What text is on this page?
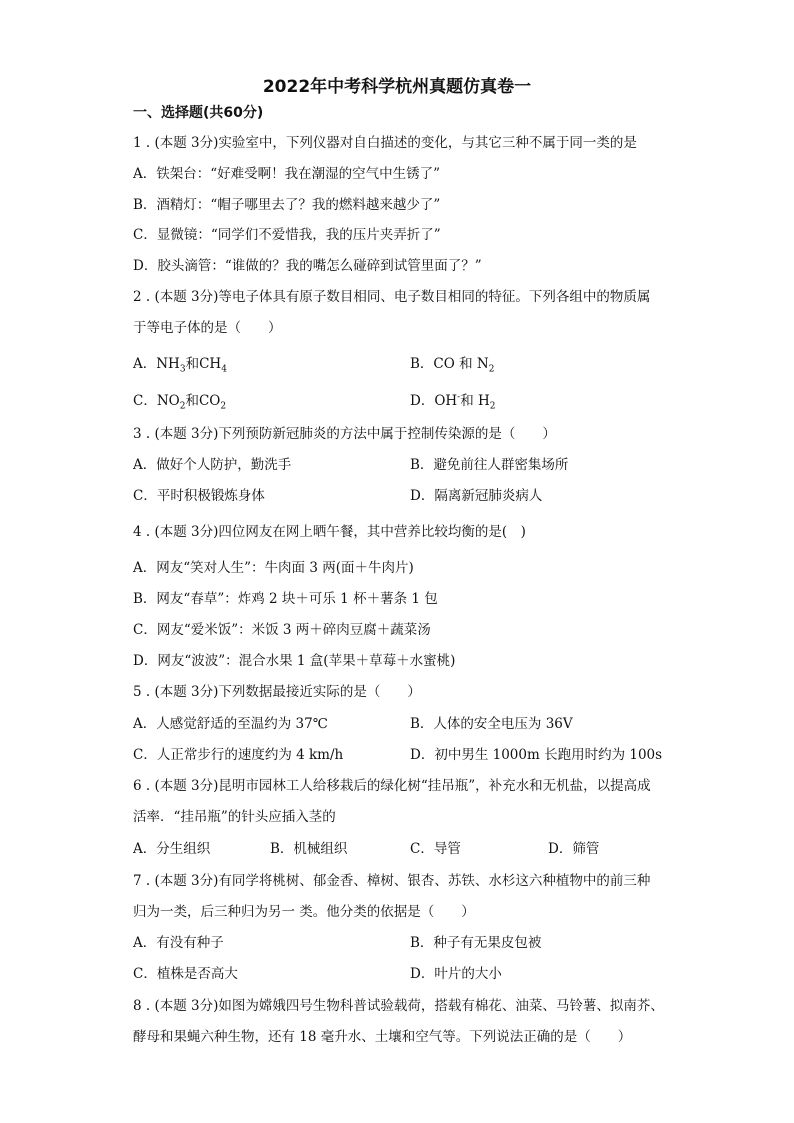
2022年中考科学杭州真题仿真卷一
一、选择题(共60分)
1 . (本题 3分)实验室中，下列仪器对自白描述的变化，与其它三种不属于同一类的是
A．铁架台：“好难受啊！我在潮湿的空气中生锈了”
B．酒精灯：“帽子哪里去了？我的燃料越来越少了”
C．显微镜：“同学们不爱惜我，我的压片夹弄折了”
D．胶头滴管：“谁做的？我的嘴怎么碰碎到试管里面了？”
2 . (本题 3分)等电子体具有原子数目相同、电子数目相同的特征。下列各组中的物质属
于等电子体的是（　　）
A．$NH_3$和$CH_4$	B．CO 和 $N_2$
C．$NO_2$和$CO_2$	D．OH-和 $H_2$
3 . (本题 3分)下列预防新冠肺炎的方法中属于控制传染源的是（　　）
A．做好个人防护，勤洗手	B．避免前往人群密集场所
C．平时积极锻炼身体	D．隔离新冠肺炎病人
4 . (本题 3分)四位网友在网上晒午餐，其中营养比较均衡的是(　)
A．网友“笑对人生”：牛肉面 3 两(面＋牛肉片)
B．网友“春草”：炸鸡 2 块＋可乐 1 杯＋薯条 1 包
C．网友“爱米饭”：米饭 3 两＋碎肉豆腐＋蔬菜汤
D．网友“波波”：混合水果 1 盒(苹果＋草莓＋水蜜桃)
5 . (本题 3分)下列数据最接近实际的是（　　）
A．人感觉舒适的至温约为 37℃	B．人体的安全电压为 36V
C．人正常步行的速度约为 4 km/h	D．初中男生 1000m 长跑用时约为 100s
6 . (本题 3分)昆明市园林工人给移栽后的绿化树“挂吊瓶”，补充水和无机盐，以提高成
活率．“挂吊瓶”的针头应插入茎的
A．分生组织	B．机械组织	C．导管	D．筛管
7 . (本题 3分)有同学将桃树、郁金香、樟树、银杏、苏铁、水杉这六种植物中的前三种
归为一类，后三种归为另一 类。他分类的依据是（　　）
A．有没有种子	B．种子有无果皮包被
C．植株是否高大	D．叶片的大小
8 . (本题 3分)如图为嫦娥四号生物科普试验载荷，搭载有棉花、油菜、马铃薯、拟南芥、
酵母和果蝇六种生物，还有 18 毫升水、土壤和空气等。下列说法正确的是（　　）
